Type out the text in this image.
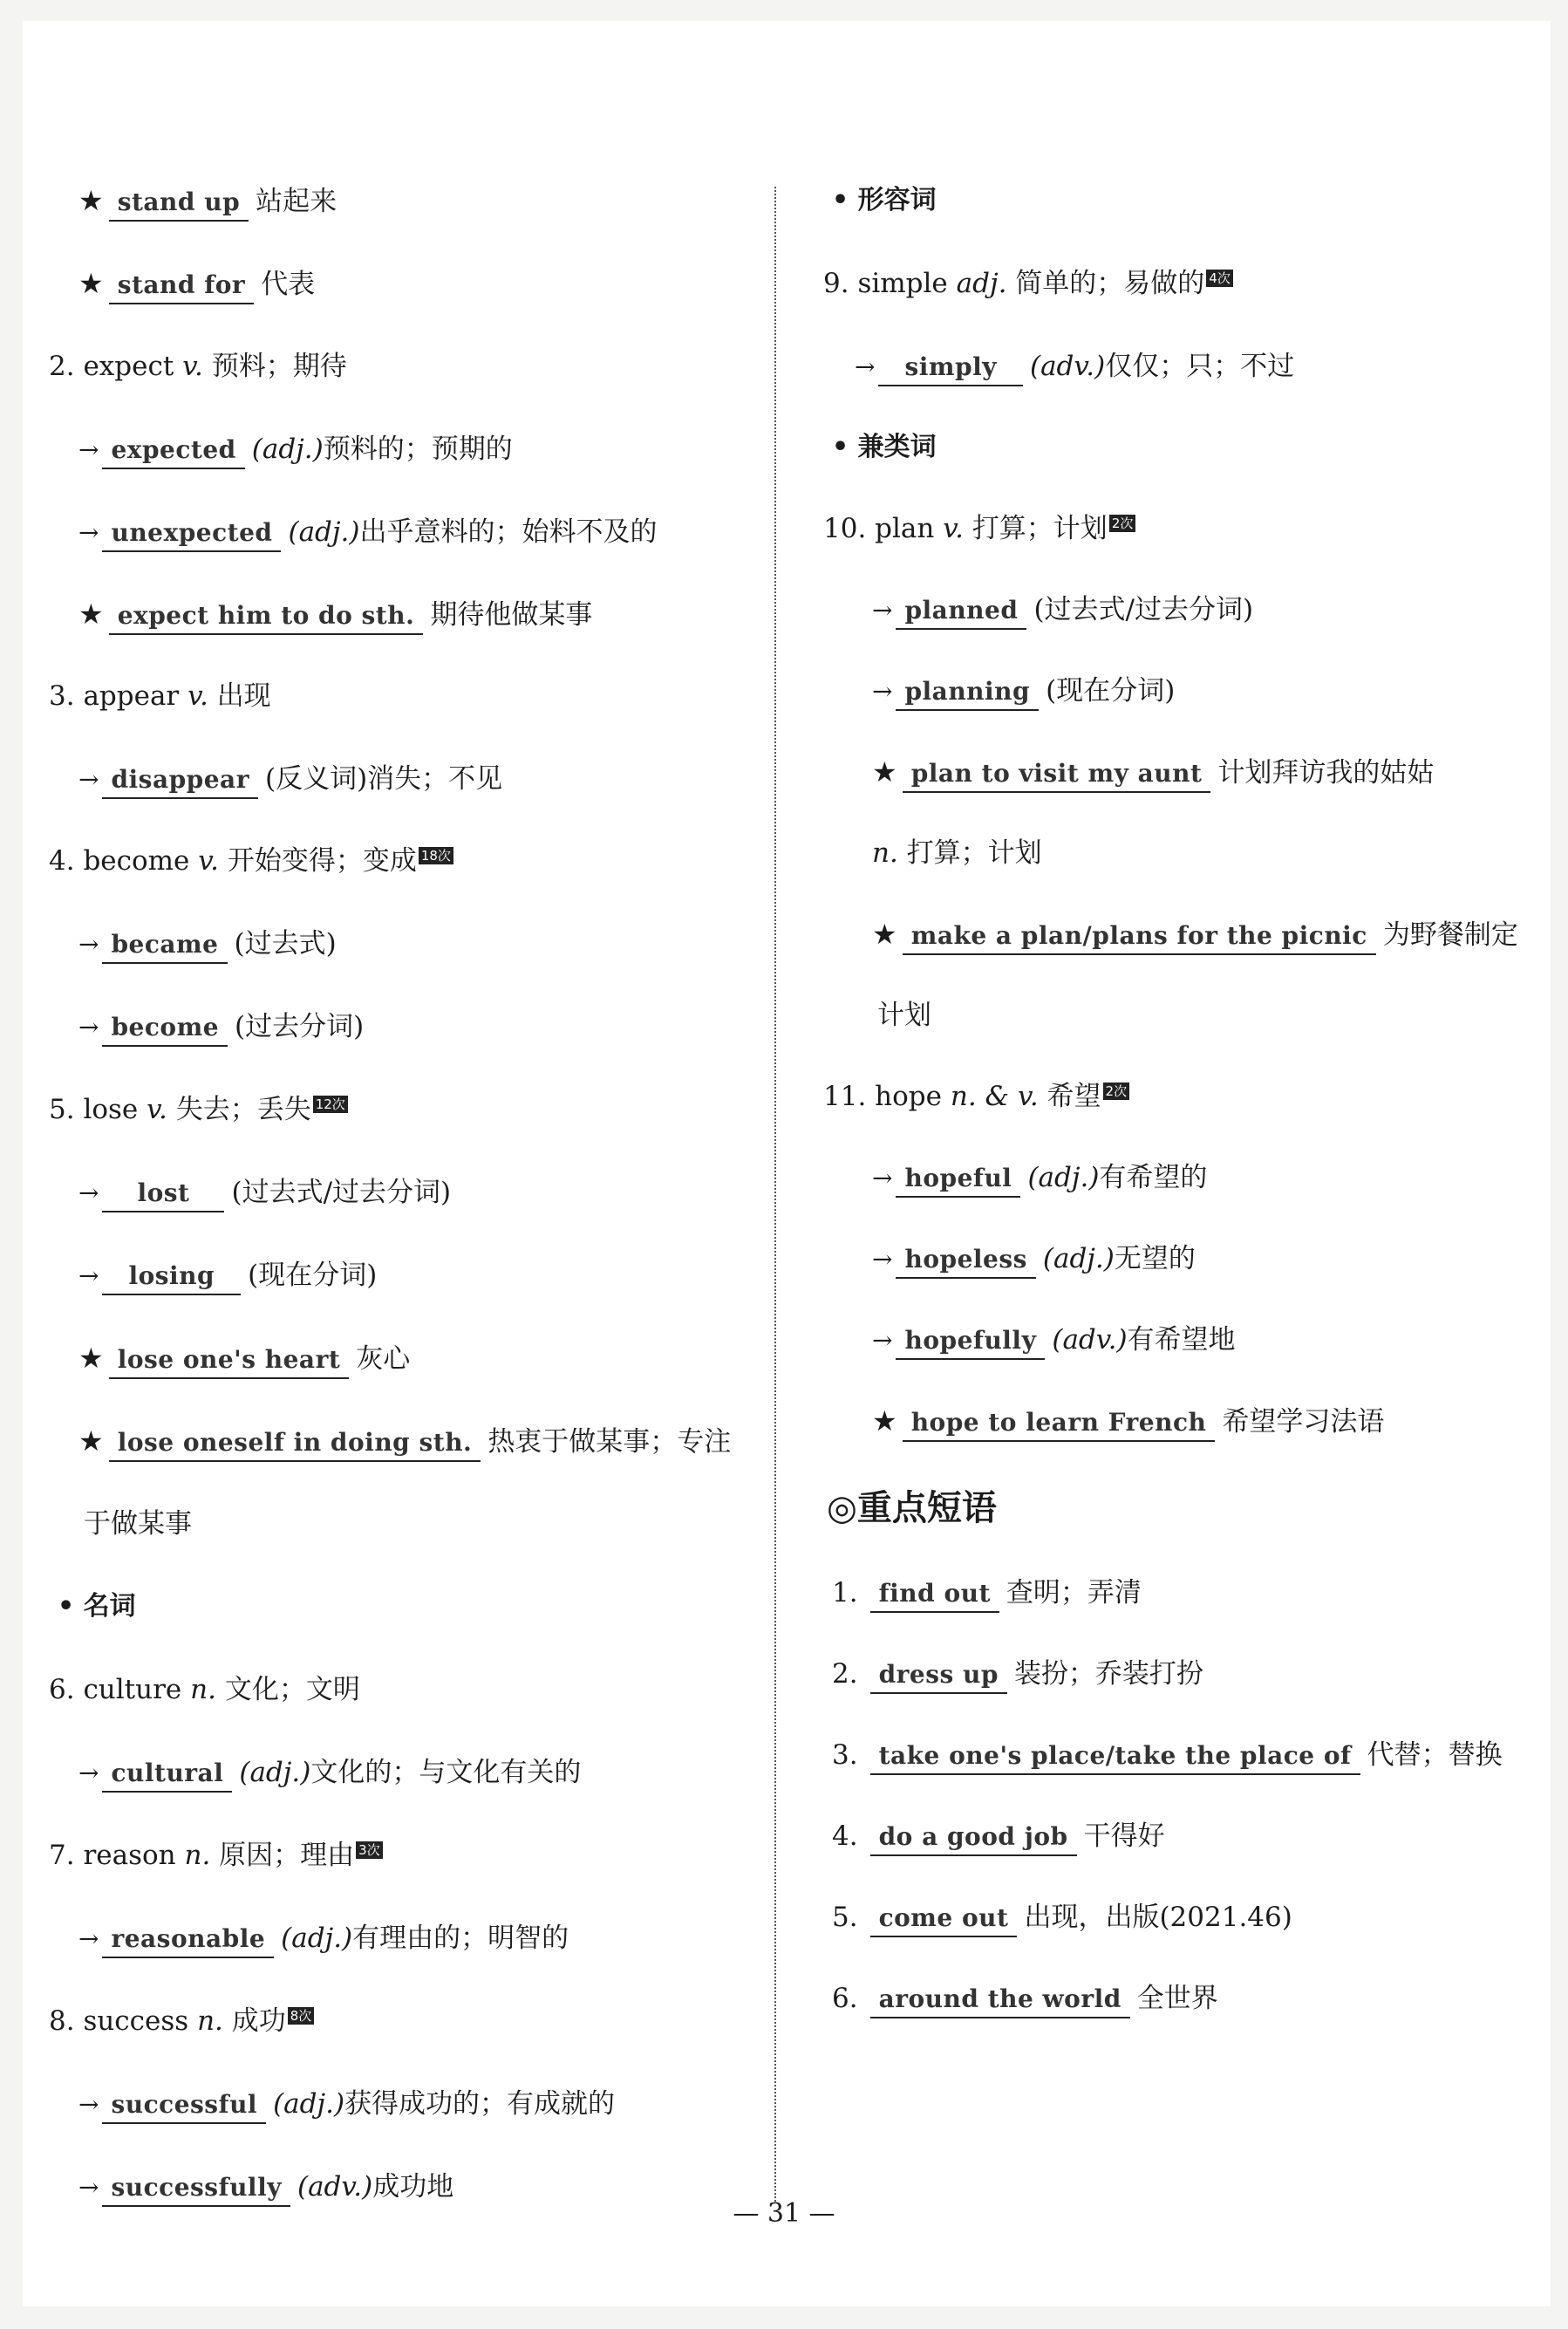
★ stand up 站起来
★ stand for 代表
2. expect v. 预料；期待
→ expected (adj.)预料的；预期的
→ unexpected (adj.)出乎意料的；始料不及的
★ expect him to do sth. 期待他做某事
3. appear v. 出现
→ disappear (反义词)消失；不见
4. become v. 开始变得；变成 18次
→ became (过去式)
→ become (过去分词)
5. lose v. 失去；丢失 12次
→ lost (过去式/过去分词)
→ losing (现在分词)
★ lose one's heart 灰心
★ lose oneself in doing sth. 热衷于做某事；专注
于做某事
• 名词
6. culture n. 文化；文明
→ cultural (adj.)文化的；与文化有关的
7. reason n. 原因；理由 3次
→ reasonable (adj.)有理由的；明智的
8. success n. 成功 8次
→ successful (adj.)获得成功的；有成就的
→ successfully (adv.)成功地
• 形容词
9. simple adj. 简单的；易做的 4次
→ simply (adv.)仅仅；只；不过
• 兼类词
10. plan v. 打算；计划 2次
→ planned (过去式/过去分词)
→ planning (现在分词)
★ plan to visit my aunt 计划拜访我的姑姑
n. 打算；计划
★ make a plan/plans for the picnic 为野餐制定
计划
11. hope n. & v. 希望 2次
→ hopeful (adj.)有希望的
→ hopeless (adj.)无望的
→ hopefully (adv.)有希望地
★ hope to learn French 希望学习法语
◎重点短语
1. find out 查明；弄清
2. dress up 装扮；乔装打扮
3. take one's place/take the place of 代替；替换
4. do a good job 干得好
5. come out 出现，出版(2021.46)
6. around the world 全世界
— 31 —
